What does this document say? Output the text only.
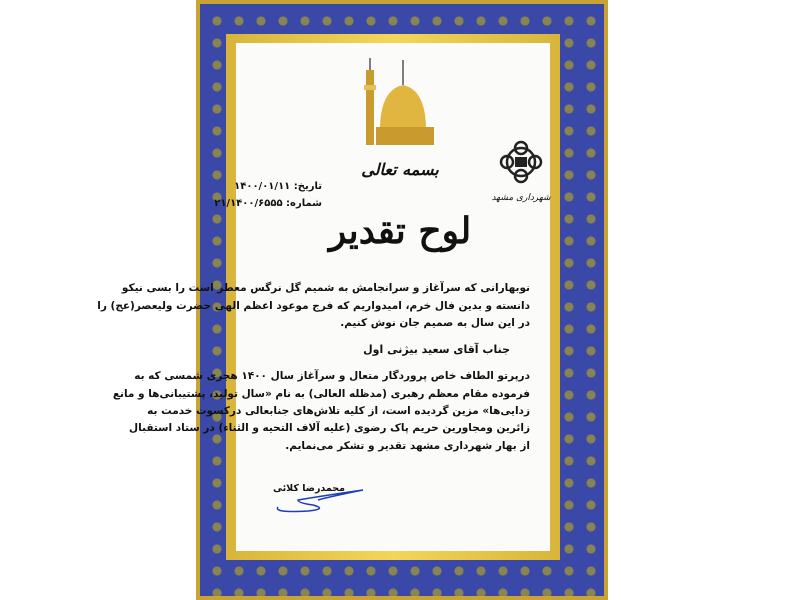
شهرداری مشهد
بسمه تعالی
تاریخ: ۱۴۰۰/۰۱/۱۱
شماره: ۲۱/۱۴۰۰/۶۵۵۵
لوح تقدیر
نوبهارانی که سرآغاز و سرانجامش به شمیم گل نرگس معطر است را بسی نیکو
دانسته و بدین فال خرم، امیدواریم که فرج موعود اعظم الهی حضرت ولیعصر(عج) را
در این سال به صمیم جان نوش کنیم.
جناب آقای سعید بیژنی اول
درپرتو الطاف خاص پروردگار متعال و سرآغاز سال ۱۴۰۰ هجری شمسی که به
فرموده مقام معظم رهبری (مدظله العالی) به نام «سال تولید، پشتیبانی‌ها و مانع
زدایی‌ها» مزین گردیده است، از کلیه تلاش‌های جنابعالی درکسوت خدمت به
زائرین ومجاورین حریم پاک رضوی (علیه آلاف التحیه و الثناء) در ستاد استقبال
از بهار شهرداری مشهد تقدیر و تشکر می‌نمایم.
محمدرضا کلائی
